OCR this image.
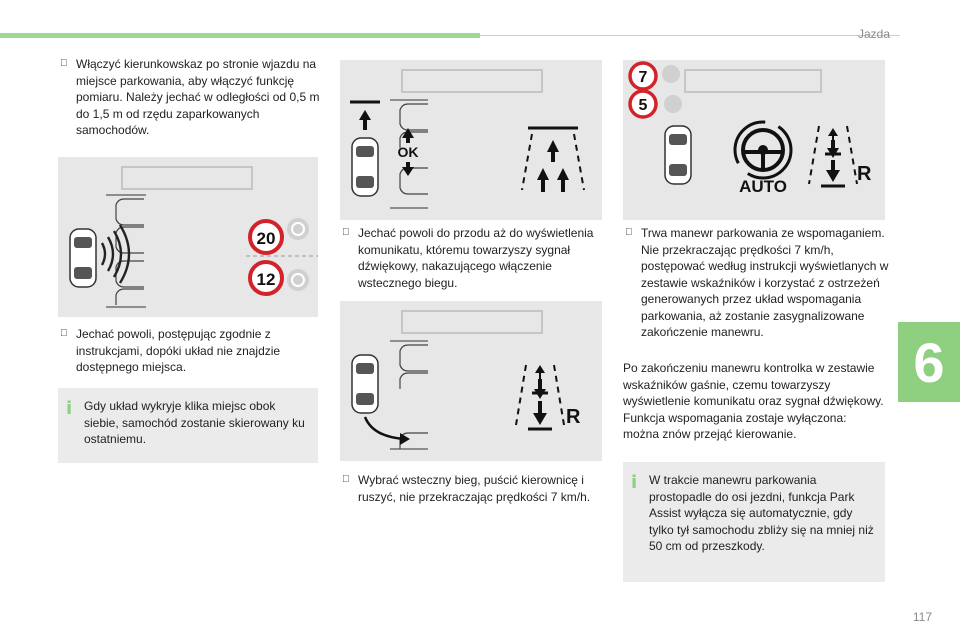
Jazda
6
117
Włączyć kierunkowskaz po stronie wjazdu na miejsce parkowania, aby włączyć funkcję pomiaru. Należy jechać w odległości od 0,5 m do 1,5 m od rzędu zaparkowanych samochodów.
20
12
Jechać powoli, postępując zgodnie z instrukcjami, dopóki układ nie znajdzie dostępnego miejsca.
i Gdy układ wykryje klika miejsc obok siebie, samochód zostanie skierowany ku ostatniemu.
OK
Jechać powoli do przodu aż do wyświetlenia komunikatu, któremu towarzyszy sygnał dźwiękowy, nakazującego włączenie wstecznego biegu.
R
Wybrać wsteczny bieg, puścić kierownicę i ruszyć, nie przekraczając prędkości 7 km/h.
7
5
AUTO
R
Trwa manewr parkowania ze wspomaganiem.
Nie przekraczając prędkości 7 km/h, postępować według instrukcji wyświetlanych w zestawie wskaźników i korzystać z ostrzeżeń generowanych przez układ wspomagania parkowania, aż zostanie zasygnalizowane zakończenie manewru.
Po zakończeniu manewru kontrolka w zestawie wskaźników gaśnie, czemu towarzyszy wyświetlenie komunikatu oraz sygnał dźwiękowy. Funkcja wspomagania zostaje wyłączona: można znów przejąć kierowanie.
i W trakcie manewru parkowania prostopadle do osi jezdni, funkcja Park Assist wyłącza się automatycznie, gdy tylko tył samochodu zbliży się na mniej niż 50 cm od przeszkody.
